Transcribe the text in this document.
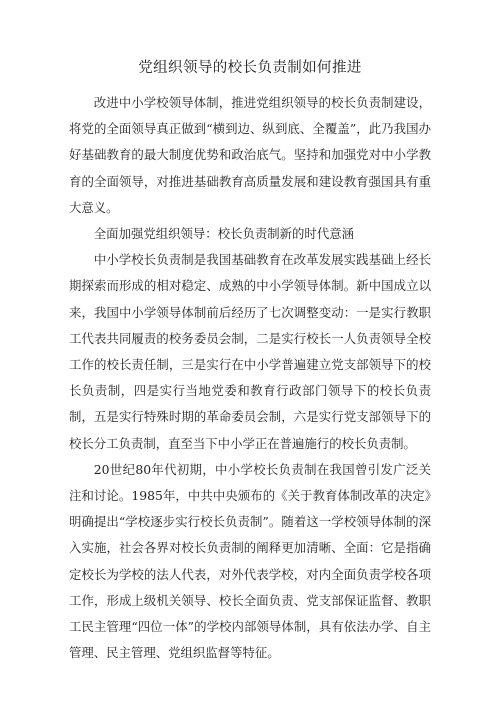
党组织领导的校长负责制如何推进

改进中小学校领导体制，推进党组织领导的校长负责制建设，将党的全面领导真正做到“横到边、纵到底、全覆盖”，此乃我国办好基础教育的最大制度优势和政治底气。坚持和加强党对中小学教育的全面领导，对推进基础教育高质量发展和建设教育强国具有重大意义。

全面加强党组织领导：校长负责制新的时代意涵

中小学校长负责制是我国基础教育在改革发展实践基础上经长期探索而形成的相对稳定、成熟的中小学领导体制。新中国成立以来，我国中小学领导体制前后经历了七次调整变动：一是实行教职工代表共同履责的校务委员会制，二是实行校长一人负责领导全校工作的校长责任制，三是实行在中小学普遍建立党支部领导下的校长负责制，四是实行当地党委和教育行政部门领导下的校长负责制，五是实行特殊时期的革命委员会制，六是实行党支部领导下的校长分工负责制，直至当下中小学正在普遍施行的校长负责制。

20世纪80年代初期，中小学校长负责制在我国曾引发广泛关注和讨论。1985年，中共中央颁布的《关于教育体制改革的决定》明确提出“学校逐步实行校长负责制”。随着这一学校领导体制的深入实施，社会各界对校长负责制的阐释更加清晰、全面：它是指确定校长为学校的法人代表，对外代表学校，对内全面负责学校各项工作，形成上级机关领导、校长全面负责、党支部保证监督、教职工民主管理“四位一体”的学校内部领导体制，具有依法办学、自主管理、民主管理、党组织监督等特征。
